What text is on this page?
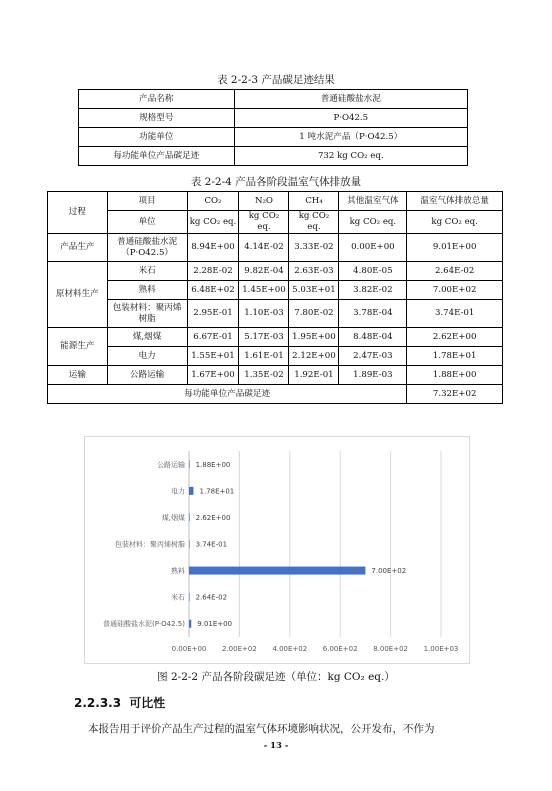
表 2-2-3 产品碳足迹结果
产品名称	普通硅酸盐水泥
规格型号	P·O42.5
功能单位	1 吨水泥产品（P·O42.5）
每功能单位产品碳足迹	732 kg CO₂ eq.
表 2-2-4 产品各阶段温室气体排放量
过程	项目	CO₂	N₂O	CH₄	其他温室气体	温室气体排放总量
	单位	kg CO₂ eq.	kg CO₂ eq.	kg CO₂ eq.	kg CO₂ eq.	kg CO₂ eq.
产品生产	普通硅酸盐水泥（P·O42.5）	8.94E+00	4.14E-02	3.33E-02	0.00E+00	9.01E+00
原材料生产	米石	2.28E-02	9.82E-04	2.63E-03	4.80E-05	2.64E-02
	熟料	6.48E+02	1.45E+00	5.03E+01	3.82E-02	7.00E+02
	包装材料：聚丙烯树脂	2.95E-01	1.10E-03	7.80E-02	3.78E-04	3.74E-01
能源生产	煤,烟煤	6.67E-01	5.17E-03	1.95E+00	8.48E-04	2.62E+00
	电力	1.55E+01	1.61E-01	2.12E+00	2.47E-03	1.78E+01
运输	公路运输	1.67E+00	1.35E-02	1.92E-01	1.89E-03	1.88E+00
每功能单位产品碳足迹						7.32E+02
0.00E+00 2.00E+02 4.00E+02 6.00E+02 8.00E+02 1.00E+03
公路运输 1.88E+00
电力 1.78E+01
煤,烟煤 2.62E+00
包装材料：聚丙烯树脂 3.74E-01
熟料	7.00E+02
米石 2.64E-02
普通硅酸盐水泥(P·O42.5) 9.01E+00
图 2-2-2 产品各阶段碳足迹（单位：kg CO₂ eq.）
2.2.3.3 可比性
本报告用于评价产品生产过程的温室气体环境影响状况，公开发布，不作为
- 13 -
